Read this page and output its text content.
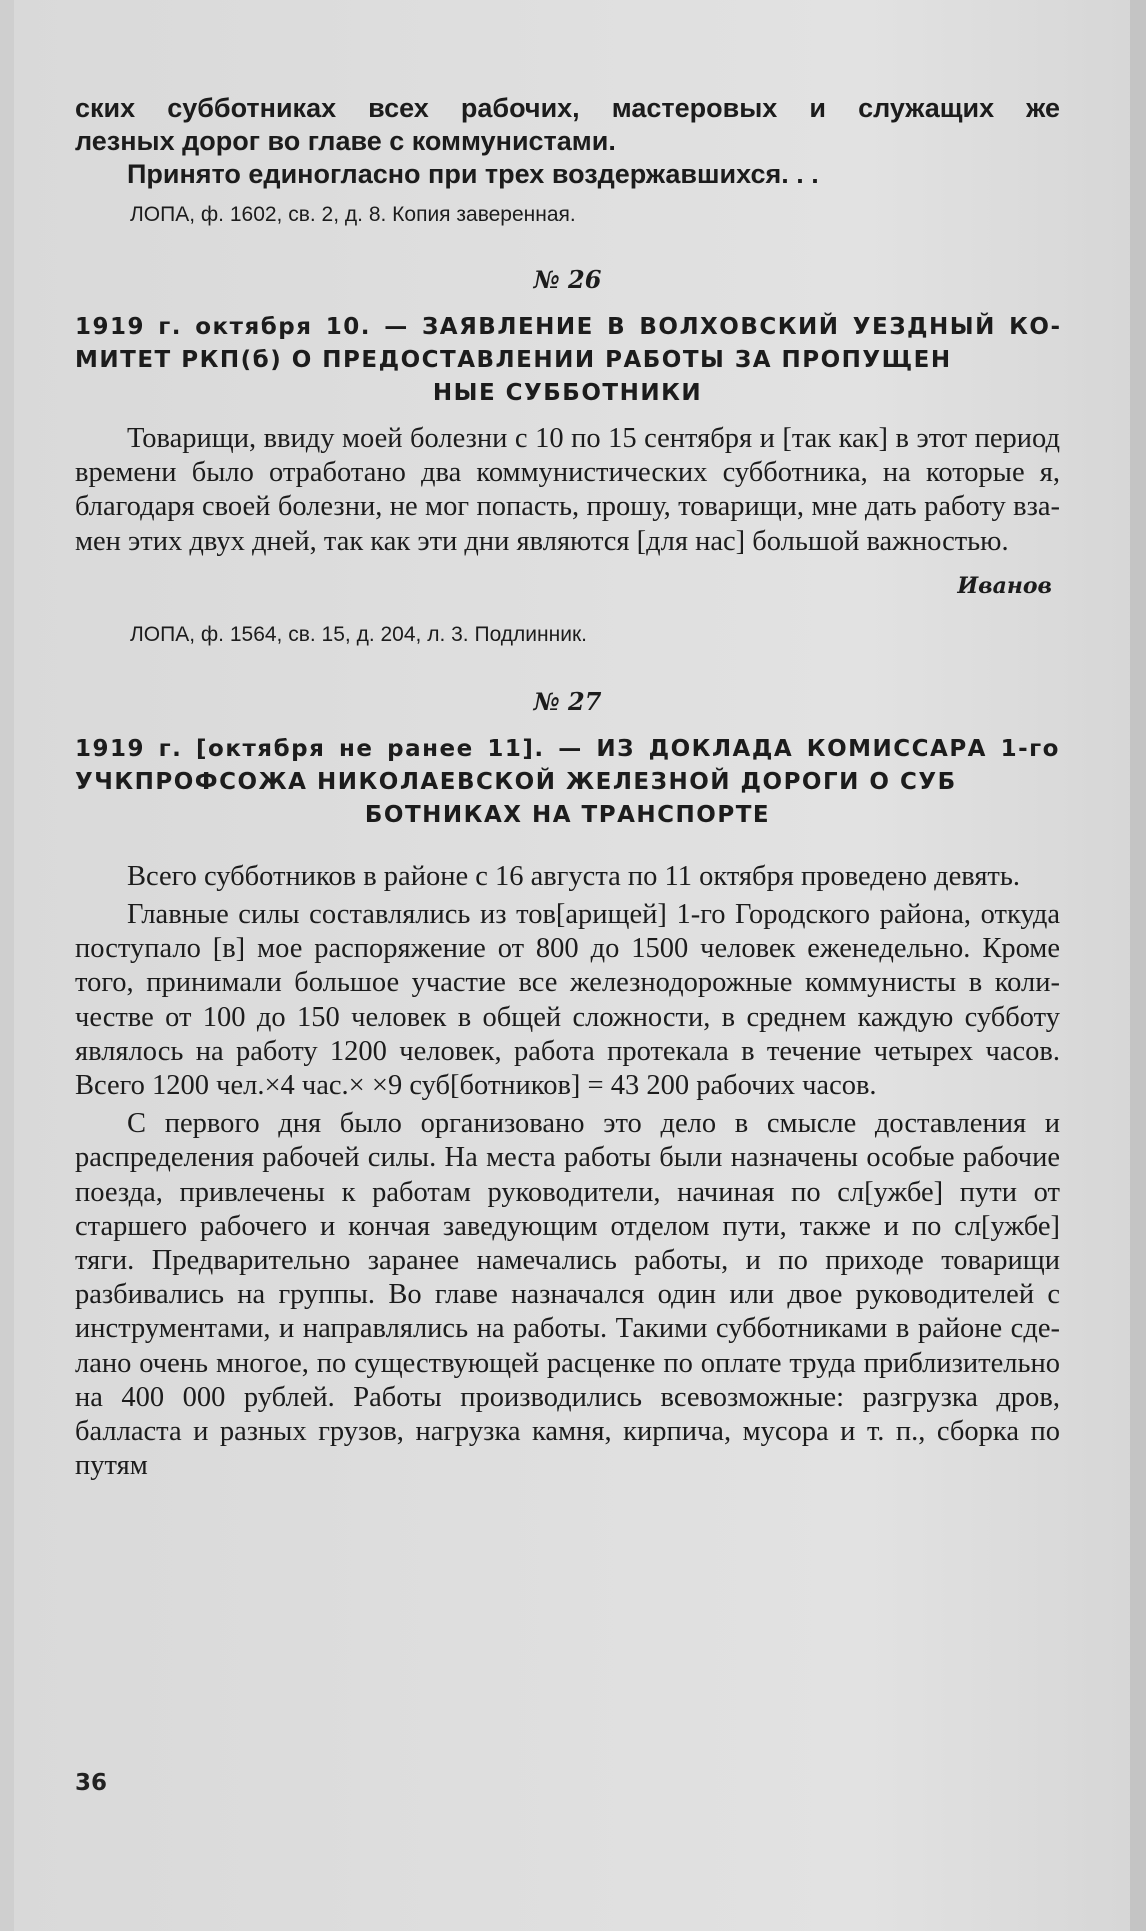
ских субботниках всех рабочих, мастеровых и служащих же

лезных дорог во главе с коммунистами.

Принято единогласно при трех воздержавшихся. . .

ЛОПА, ф. 1602, св. 2, д. 8. Копия заверенная.

№ 26

1919 г. октября 10. — ЗАЯВЛЕНИЕ В ВОЛХОВСКИЙ УЕЗДНЫЙ КОМИТЕТ РКП(б) О ПРЕДОСТАВЛЕНИИ РАБОТЫ ЗА ПРОПУЩЕН
НЫЕ СУББОТНИКИ

Товарищи, ввиду моей болезни с 10 по 15 сентября и [так как] в этот период времени было отработано два коммунистических субботника, на которые я, благодаря своей болезни, не мог попасть, прошу, товарищи, мне дать работу взамен этих двух дней, так как эти дни являются [для нас] большой важностью.

Иванов

ЛОПА, ф. 1564, св. 15, д. 204, л. 3. Подлинник.

№ 27

1919 г. [октября не ранее 11]. — ИЗ ДОКЛАДА КОМИССАРА 1-го УЧКПРОФСОЖА НИКОЛАЕВСКОЙ ЖЕЛЕЗНОЙ ДОРОГИ О СУБ
БОТНИКАХ НА ТРАНСПОРТЕ

Всего субботников в районе с 16 августа по 11 октября проведено девять.

Главные силы составлялись из тов[арищей] 1-го Городского района, откуда поступало [в] мое распоряжение от 800 до 1500 человек еженедельно. Кроме того, принимали большое участие все железнодорожные коммунисты в количестве от 100 до 150 человек в общей сложности, в среднем каждую субботу являлось на работу 1200 человек, работа протекала в течение четырех часов. Всего 1200 чел.×4 час.× ×9 суб[ботников] = 43 200 рабочих часов.

С первого дня было организовано это дело в смысле доставления и распределения рабочей силы. На места работы были назначены особые рабочие поезда, привлечены к работам руководители, начиная по сл[ужбе] пути от старшего рабочего и кончая заведующим отделом пути, также и по сл[ужбе] тяги. Предварительно заранее намечались работы, и по приходе товарищи разбивались на группы. Во главе назначался один или двое руководителей с инструментами, и направлялись на работы. Такими субботниками в районе сделано очень многое, по существующей расценке по оплате труда приблизительно на 400 000 рублей. Работы производились всевозможные: разгрузка дров, балласта и разных грузов, нагрузка камня, кирпича, мусора и т. п., сборка по путям

36
